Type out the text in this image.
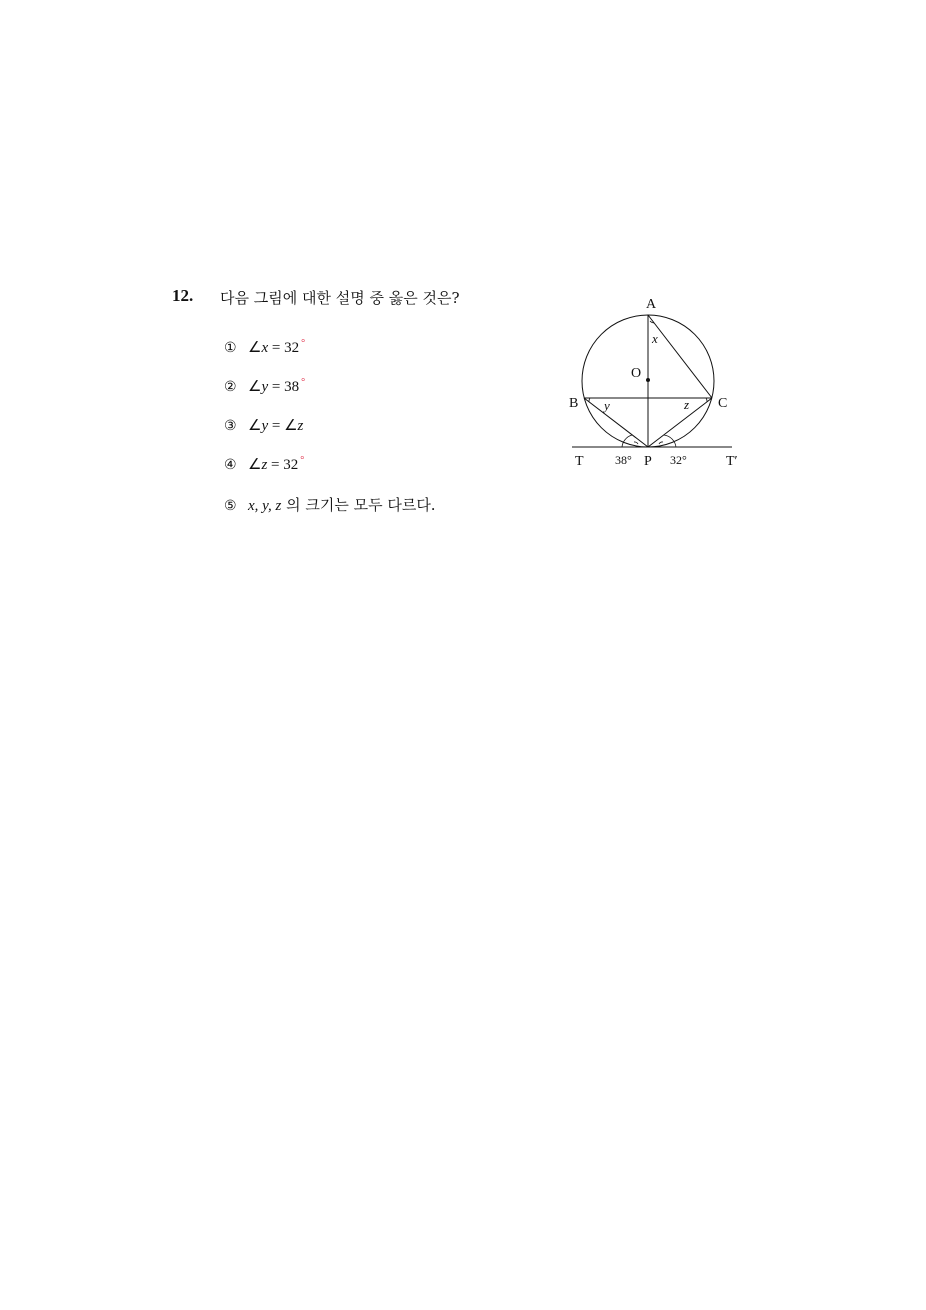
12. 다음 그림에 대한 설명 중 옳은 것은?
① ∠x = 32 °
② ∠y = 38 °
③ ∠y = ∠z
④ ∠z = 32 °
⑤ x, y, z 의 크기는 모두 다르다.
A
O
B	C
P
T	T′
x
y	z
38°	32°
